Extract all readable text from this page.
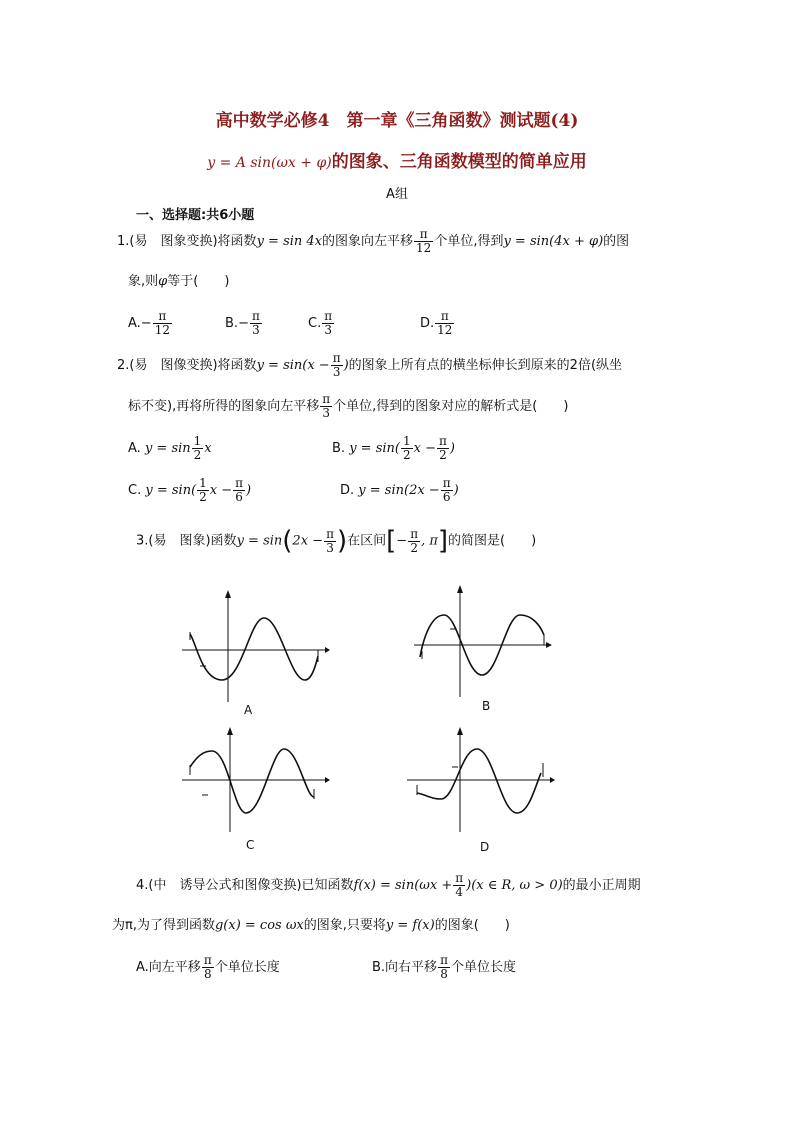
高中数学必修4　第一章《三角函数》测试题(4)
y = A sin(ωx + φ)的图象、三角函数模型的简单应用
A组
一、选择题:共6小题
1.(易　图象变换)将函数y = sin 4x的图象向左平移 $\frac{\pi}{12}$ 个单位,得到y = sin(4x + φ)的图
象,则φ等于(　　)
$A.- \frac{\pi}{12}$	$B.- \frac{\pi}{3}$	C. $\frac{\pi}{3}$	D. $\frac{\pi}{12}$
2.(易　图像变换)将函数$y = \sin(x - \frac{\pi}{3}$ )的图象上所有点的横坐标伸长到原来的2倍(纵坐
标不变),再将所得的图象向左平移 $\frac{\pi}{3}$ 个单位,得到的图象对应的解析式是(　　)
A. $y = \sin \frac{1}{2}$ x	B. $y = \sin( \frac{1}{2}$ $x - \frac{\pi}{2}$ )
C. $y = \sin( \frac{1}{2}$ $x - \frac{\pi}{6}$ )	D. $y = \sin(2x - \frac{\pi}{6}$ )
3.(易　图象)函数$y = \sin(2x - \frac{\pi}{3}$ )在区间[− $\frac{\pi}{2}$ , π]的简图是(　　)
A	B
C	D
4.(中　诱导公式和图像变换)已知函数$f(x) = \sin(\omega x + \frac{\pi}{4} )(x$ ∈ R, ω > 0)的最小正周期
为π,为了得到函数g(x) = cos ωx的图象,只要将y = f(x)的图象(　　)
A.向左平移 $\frac{\pi}{8}$ 个单位长度	B.向右平移 $\frac{\pi}{8}$ 个单位长度
